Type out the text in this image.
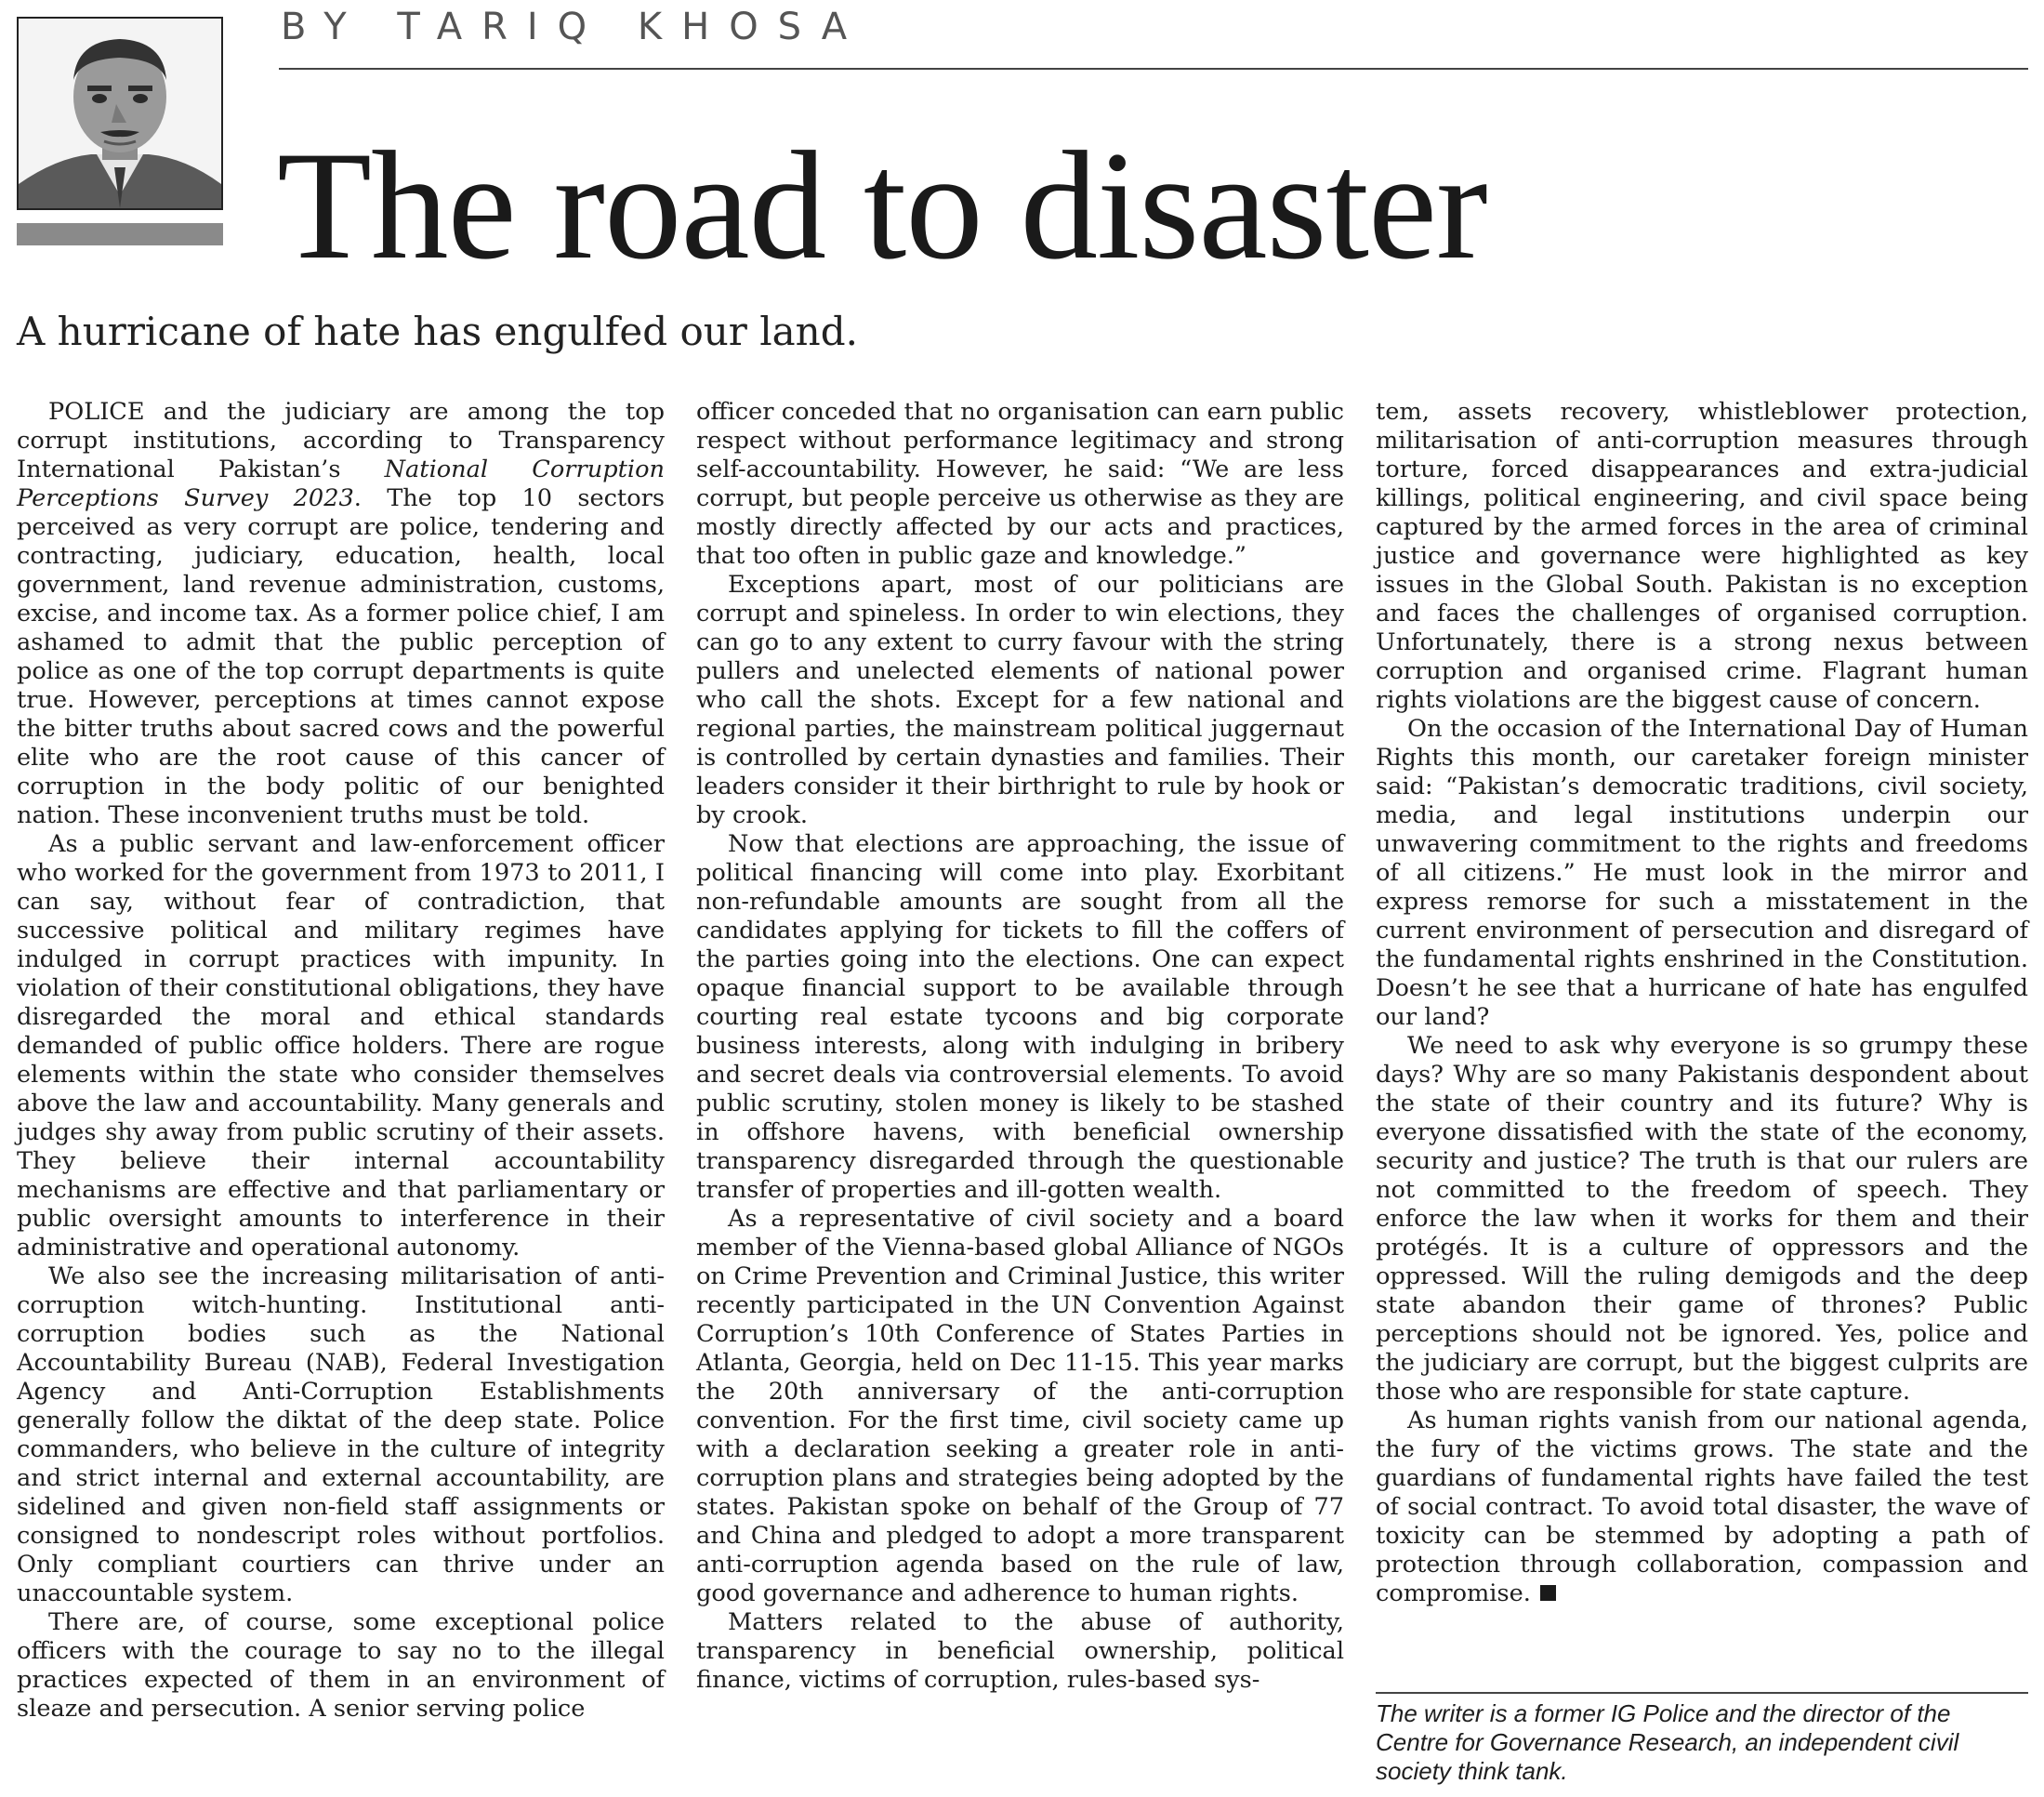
BY TARIQ KHOSA
The road to disaster

A hurricane of hate has engulfed our land.

POLICE and the judiciary are among the top corrupt institutions, according to Transparency International Pakistan’s National Corruption Perceptions Survey 2023. The top 10 sectors perceived as very corrupt are police, tendering and contracting, judiciary, education, health, local government, land revenue administration, customs, excise, and income tax. As a former police chief, I am ashamed to admit that the public perception of police as one of the top corrupt departments is quite true. However, perceptions at times cannot expose the bitter truths about sacred cows and the powerful elite who are the root cause of this cancer of corruption in the body politic of our benighted nation. These inconvenient truths must be told.

As a public servant and law-enforcement officer who worked for the government from 1973 to 2011, I can say, without fear of contradiction, that successive political and military regimes have indulged in corrupt practices with impunity. In violation of their constitutional obligations, they have disregarded the moral and ethical standards demanded of public office holders. There are rogue elements within the state who consider themselves above the law and accountability. Many generals and judges shy away from public scrutiny of their assets. They believe their internal accountability mechanisms are effective and that parliamentary or public oversight amounts to interference in their administrative and operational autonomy.

We also see the increasing militarisation of anti-corruption witch-hunting. Institutional anti-corruption bodies such as the National Accountability Bureau (NAB), Federal Investigation Agency and Anti-Corruption Establishments generally follow the diktat of the deep state. Police commanders, who believe in the culture of integrity and strict internal and external accountability, are sidelined and given non-field staff assignments or consigned to nondescript roles without portfolios. Only compliant courtiers can thrive under an unaccountable system.

There are, of course, some exceptional police officers with the courage to say no to the illegal practices expected of them in an environment of sleaze and persecution. A senior serving police

officer conceded that no organisation can earn public respect without performance legitimacy and strong self-accountability. However, he said: “We are less corrupt, but people perceive us otherwise as they are mostly directly affected by our acts and practices, that too often in public gaze and knowledge.”

Exceptions apart, most of our politicians are corrupt and spineless. In order to win elections, they can go to any extent to curry favour with the string pullers and unelected elements of national power who call the shots. Except for a few national and regional parties, the mainstream political juggernaut is controlled by certain dynasties and families. Their leaders consider it their birthright to rule by hook or by crook.

Now that elections are approaching, the issue of political financing will come into play. Exorbitant non-refundable amounts are sought from all the candidates applying for tickets to fill the coffers of the parties going into the elections. One can expect opaque financial support to be available through courting real estate tycoons and big corporate business interests, along with indulging in bribery and secret deals via controversial elements. To avoid public scrutiny, stolen money is likely to be stashed in offshore havens, with beneficial ownership transparency disregarded through the questionable transfer of properties and ill-gotten wealth.

As a representative of civil society and a board member of the Vienna-based global Alliance of NGOs on Crime Prevention and Criminal Justice, this writer recently participated in the UN Convention Against Corruption’s 10th Conference of States Parties in Atlanta, Georgia, held on Dec 11-15. This year marks the 20th anniversary of the anti-corruption convention. For the first time, civil society came up with a declaration seeking a greater role in anti-corruption plans and strategies being adopted by the states. Pakistan spoke on behalf of the Group of 77 and China and pledged to adopt a more transparent anti-corruption agenda based on the rule of law, good governance and adherence to human rights.

Matters related to the abuse of authority, transparency in beneficial ownership, political finance, victims of corruption, rules-based sys-

tem, assets recovery, whistleblower protection, militarisation of anti-corruption measures through torture, forced disappearances and extra-judicial killings, political engineering, and civil space being captured by the armed forces in the area of criminal justice and governance were highlighted as key issues in the Global South. Pakistan is no exception and faces the challenges of organised corruption. Unfortunately, there is a strong nexus between corruption and organised crime. Flagrant human rights violations are the biggest cause of concern.

On the occasion of the International Day of Human Rights this month, our caretaker foreign minister said: “Pakistan’s democratic traditions, civil society, media, and legal institutions underpin our unwavering commitment to the rights and freedoms of all citizens.” He must look in the mirror and express remorse for such a misstatement in the current environment of persecution and disregard of the fundamental rights enshrined in the Constitution. Doesn’t he see that a hurricane of hate has engulfed our land?

We need to ask why everyone is so grumpy these days? Why are so many Pakistanis despondent about the state of their country and its future? Why is everyone dissatisfied with the state of the economy, security and justice? The truth is that our rulers are not committed to the freedom of speech. They enforce the law when it works for them and their protégés. It is a culture of oppressors and the oppressed. Will the ruling demigods and the deep state abandon their game of thrones? Public perceptions should not be ignored. Yes, police and the judiciary are corrupt, but the biggest culprits are those who are responsible for state capture.

As human rights vanish from our national agenda, the fury of the victims grows. The state and the guardians of fundamental rights have failed the test of social contract. To avoid total disaster, the wave of toxicity can be stemmed by adopting a path of protection through collaboration, compassion and compromise.

The writer is a former IG Police and the director of the Centre for Governance Research, an independent civil society think tank.
